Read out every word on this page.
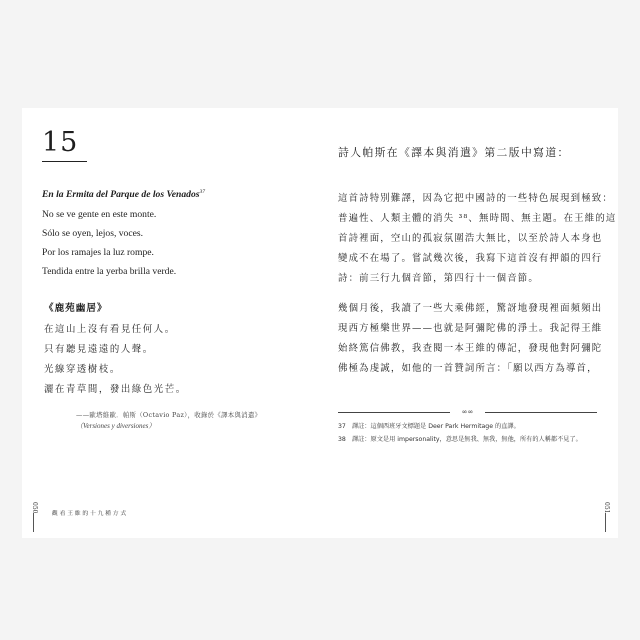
15
En la Ermita del Parque de los Venados$^{37}$
No se ve gente en este monte.
Sólo se oyen, lejos, voces.
Por los ramajes la luz rompe.
Tendida entre la yerba brilla verde.
《鹿苑幽居》
在這山上沒有看見任何人。
只有聽見遠遠的人聲。
光線穿透樹枝。
灑在青草間，發出綠色光芒。
——歐塔維歐．帕斯（Octavio Paz），收錄於《譯本與消遣》
（Versiones y diversiones）
050
觀看王維的十九種方式
詩人帕斯在《譯本與消遣》第二版中寫道：
這首詩特別難譯，因為它把中國詩的一些特色展現到極致：
普遍性、人類主體的消失 ³⁸、無時間、無主題。在王維的這
首詩裡面，空山的孤寂氛圍浩大無比，以至於詩人本身也
變成不在場了。嘗試幾次後，我寫下這首沒有押韻的四行
詩：前三行九個音節，第四行十一個音節。
幾個月後，我讀了一些大乘佛經，驚訝地發現裡面頻頻出
現西方極樂世界——也就是阿彌陀佛的淨土。我記得王維
始終篤信佛教，我查閱一本王維的傳記，發現他對阿彌陀
佛極為虔誠，如他的一首贊詞所言：「願以西方為導首，
∞∞
37 譯註：這個西班牙文標題是 Deer Park Hermitage 的直譯。
38 譯註：原文是用 impersonality，意思是無我、無我，無他，所有的人稱都不見了。
051
